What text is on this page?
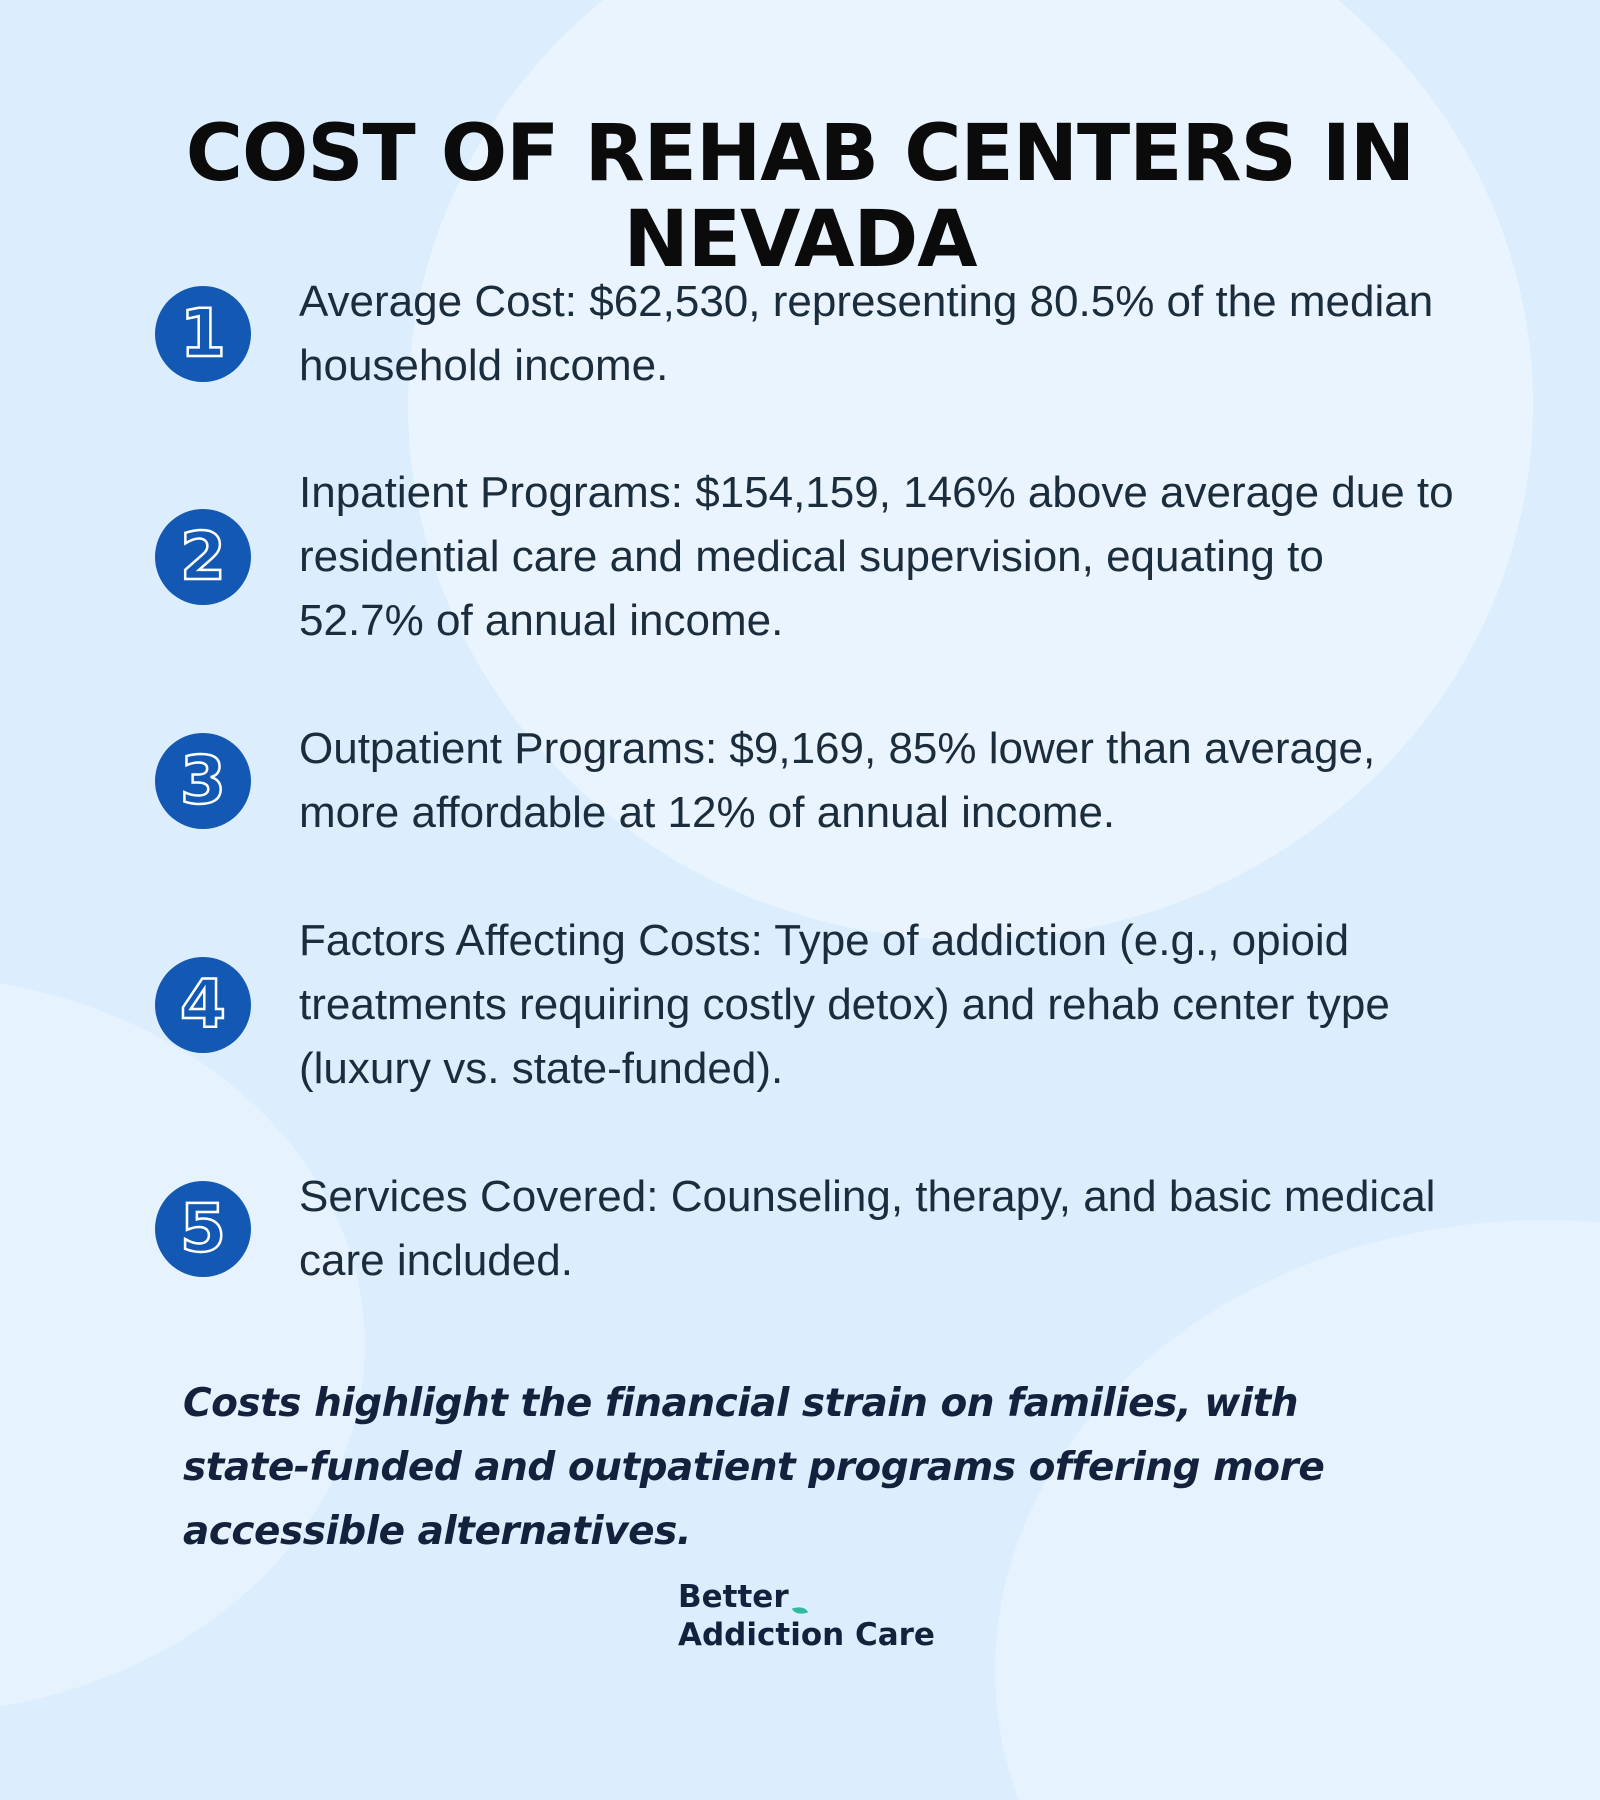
COST OF REHAB CENTERS IN NEVADA
1	Average Cost: $62,530, representing 80.5% of the median household income.
2
Inpatient Programs: $154,159, 146% above average due to residential care and medical supervision, equating to 52.7% of annual income.
3	Outpatient Programs: $9,169, 85% lower than average, more affordable at 12% of annual income.
4
Factors Affecting Costs: Type of addiction (e.g., opioid treatments requiring costly detox) and rehab center type (luxury vs. state-funded).
5	Services Covered: Counseling, therapy, and basic medical care included.

Costs highlight the financial strain on families, with state-funded and outpatient programs offering more accessible alternatives.

Better
Addiction Care
